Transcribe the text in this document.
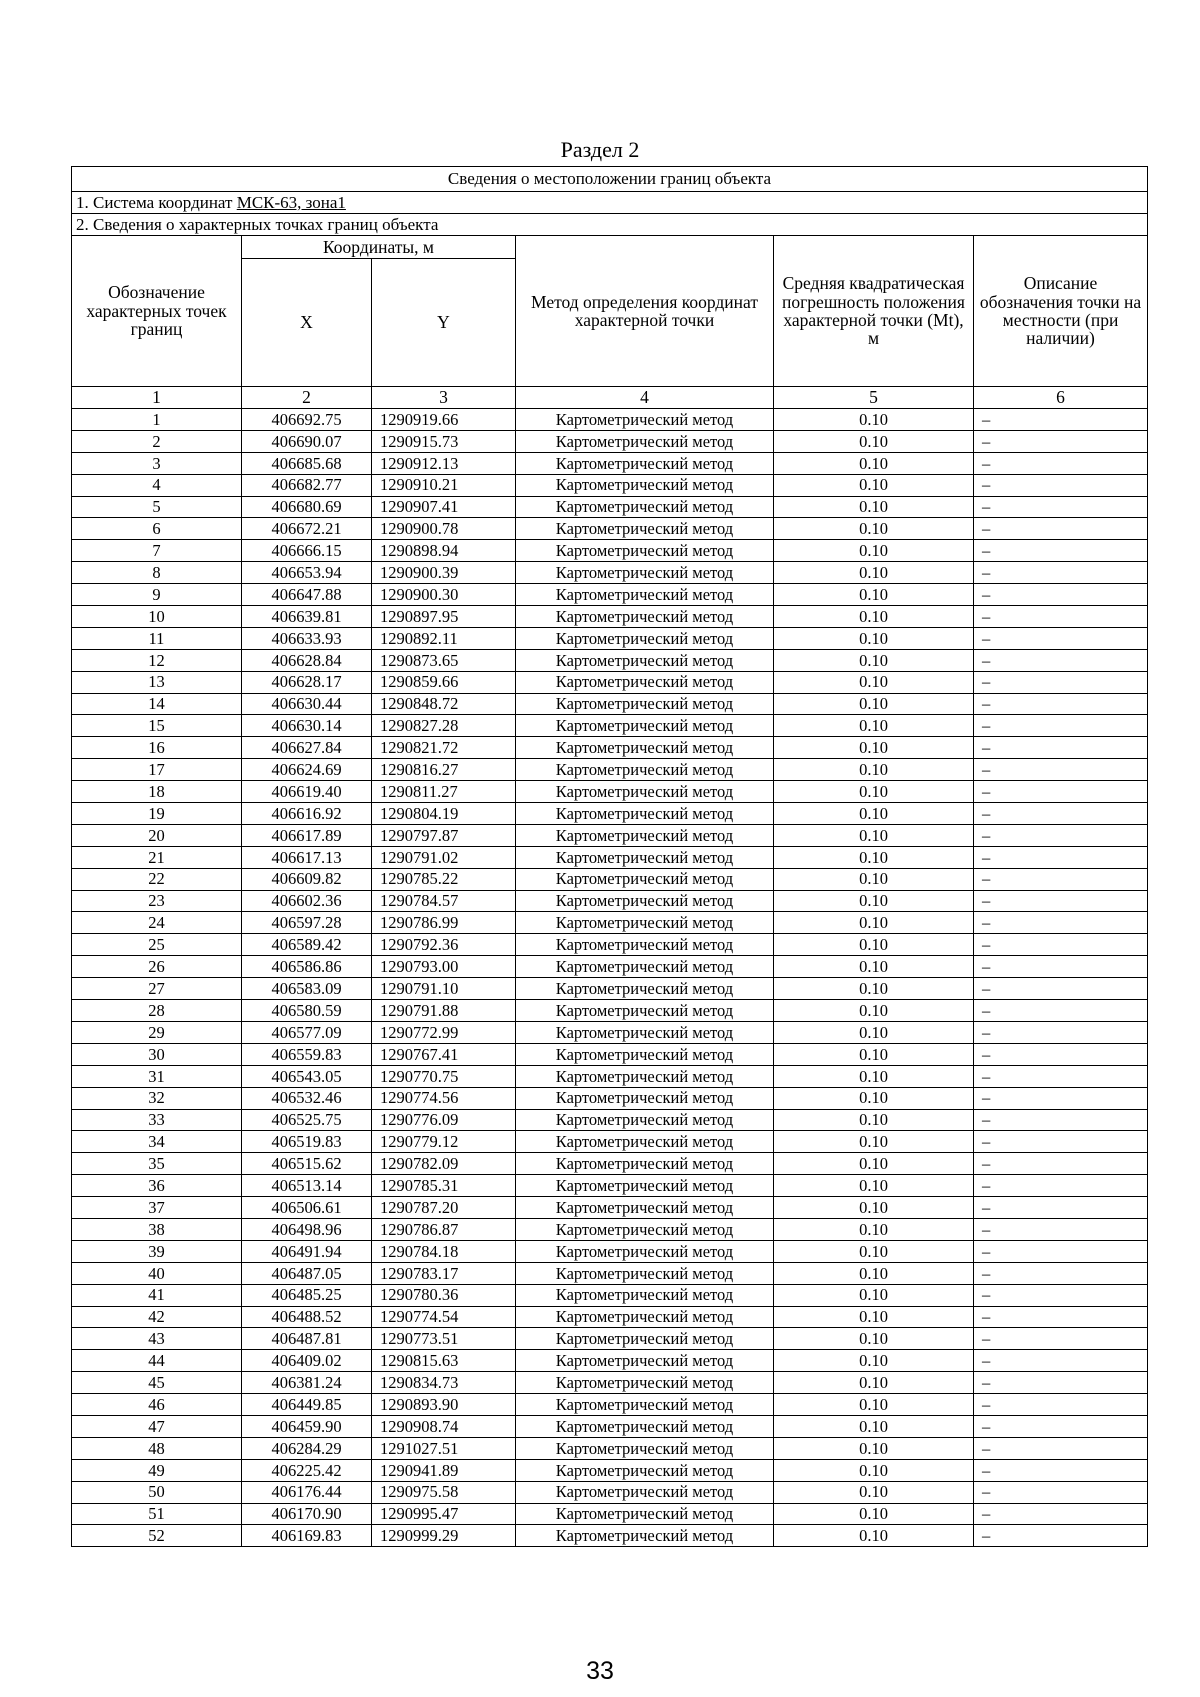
Раздел 2
Сведения о местоположении границ объекта					
1. Система координат МСК-63, зона1					
2. Сведения о характерных точках границ объекта					
Обозначение характерных точек границ	Координаты, м		Метод определения координат характерной точки	Средняя квадратическая погрешность положения характерной точки (Mt), м	Описание обозначения точки на местности (при наличии)
	X	Y			
1	2	3	4	5	6
1	406692.75	1290919.66	Картометрический метод	0.10	–
2	406690.07	1290915.73	Картометрический метод	0.10	–
3	406685.68	1290912.13	Картометрический метод	0.10	–
4	406682.77	1290910.21	Картометрический метод	0.10	–
5	406680.69	1290907.41	Картометрический метод	0.10	–
6	406672.21	1290900.78	Картометрический метод	0.10	–
7	406666.15	1290898.94	Картометрический метод	0.10	–
8	406653.94	1290900.39	Картометрический метод	0.10	–
9	406647.88	1290900.30	Картометрический метод	0.10	–
10	406639.81	1290897.95	Картометрический метод	0.10	–
11	406633.93	1290892.11	Картометрический метод	0.10	–
12	406628.84	1290873.65	Картометрический метод	0.10	–
13	406628.17	1290859.66	Картометрический метод	0.10	–
14	406630.44	1290848.72	Картометрический метод	0.10	–
15	406630.14	1290827.28	Картометрический метод	0.10	–
16	406627.84	1290821.72	Картометрический метод	0.10	–
17	406624.69	1290816.27	Картометрический метод	0.10	–
18	406619.40	1290811.27	Картометрический метод	0.10	–
19	406616.92	1290804.19	Картометрический метод	0.10	–
20	406617.89	1290797.87	Картометрический метод	0.10	–
21	406617.13	1290791.02	Картометрический метод	0.10	–
22	406609.82	1290785.22	Картометрический метод	0.10	–
23	406602.36	1290784.57	Картометрический метод	0.10	–
24	406597.28	1290786.99	Картометрический метод	0.10	–
25	406589.42	1290792.36	Картометрический метод	0.10	–
26	406586.86	1290793.00	Картометрический метод	0.10	–
27	406583.09	1290791.10	Картометрический метод	0.10	–
28	406580.59	1290791.88	Картометрический метод	0.10	–
29	406577.09	1290772.99	Картометрический метод	0.10	–
30	406559.83	1290767.41	Картометрический метод	0.10	–
31	406543.05	1290770.75	Картометрический метод	0.10	–
32	406532.46	1290774.56	Картометрический метод	0.10	–
33	406525.75	1290776.09	Картометрический метод	0.10	–
34	406519.83	1290779.12	Картометрический метод	0.10	–
35	406515.62	1290782.09	Картометрический метод	0.10	–
36	406513.14	1290785.31	Картометрический метод	0.10	–
37	406506.61	1290787.20	Картометрический метод	0.10	–
38	406498.96	1290786.87	Картометрический метод	0.10	–
39	406491.94	1290784.18	Картометрический метод	0.10	–
40	406487.05	1290783.17	Картометрический метод	0.10	–
41	406485.25	1290780.36	Картометрический метод	0.10	–
42	406488.52	1290774.54	Картометрический метод	0.10	–
43	406487.81	1290773.51	Картометрический метод	0.10	–
44	406409.02	1290815.63	Картометрический метод	0.10	–
45	406381.24	1290834.73	Картометрический метод	0.10	–
46	406449.85	1290893.90	Картометрический метод	0.10	–
47	406459.90	1290908.74	Картометрический метод	0.10	–
48	406284.29	1291027.51	Картометрический метод	0.10	–
49	406225.42	1290941.89	Картометрический метод	0.10	–
50	406176.44	1290975.58	Картометрический метод	0.10	–
51	406170.90	1290995.47	Картометрический метод	0.10	–
52	406169.83	1290999.29	Картометрический метод	0.10	–
33
